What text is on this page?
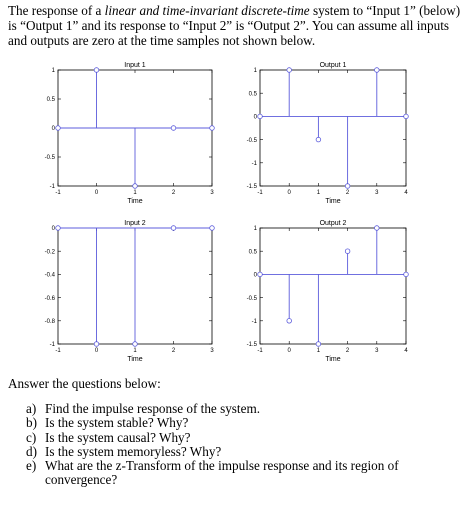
The response of a linear and time-invariant discrete-time system to “Input 1” (below) is “Output 1” and its response to “Input 2” is “Output 2”. You can assume all inputs and outputs are zero at the time samples not shown below.

Input 1
-1
-0.5
0
0.5
1
-1	0	1	2	3
Time
Output 1
-1.5
-1
-0.5
0
0.5
1
-1	0	1	2	3	4
Time
Input 2
-1
-0.8
-0.6
-0.4
-0.2
0
-1	0	1	2	3
Time
Output 2
-1.5
-1
-0.5
0
0.5
1
-1	0	1	2	3	4
Time

Answer the questions below:

a) Find the impulse response of the system.
b) Is the system stable? Why?
c) Is the system causal? Why?
d) Is the system memoryless? Why?
e) What are the z-Transform of the impulse response and its region of convergence?
